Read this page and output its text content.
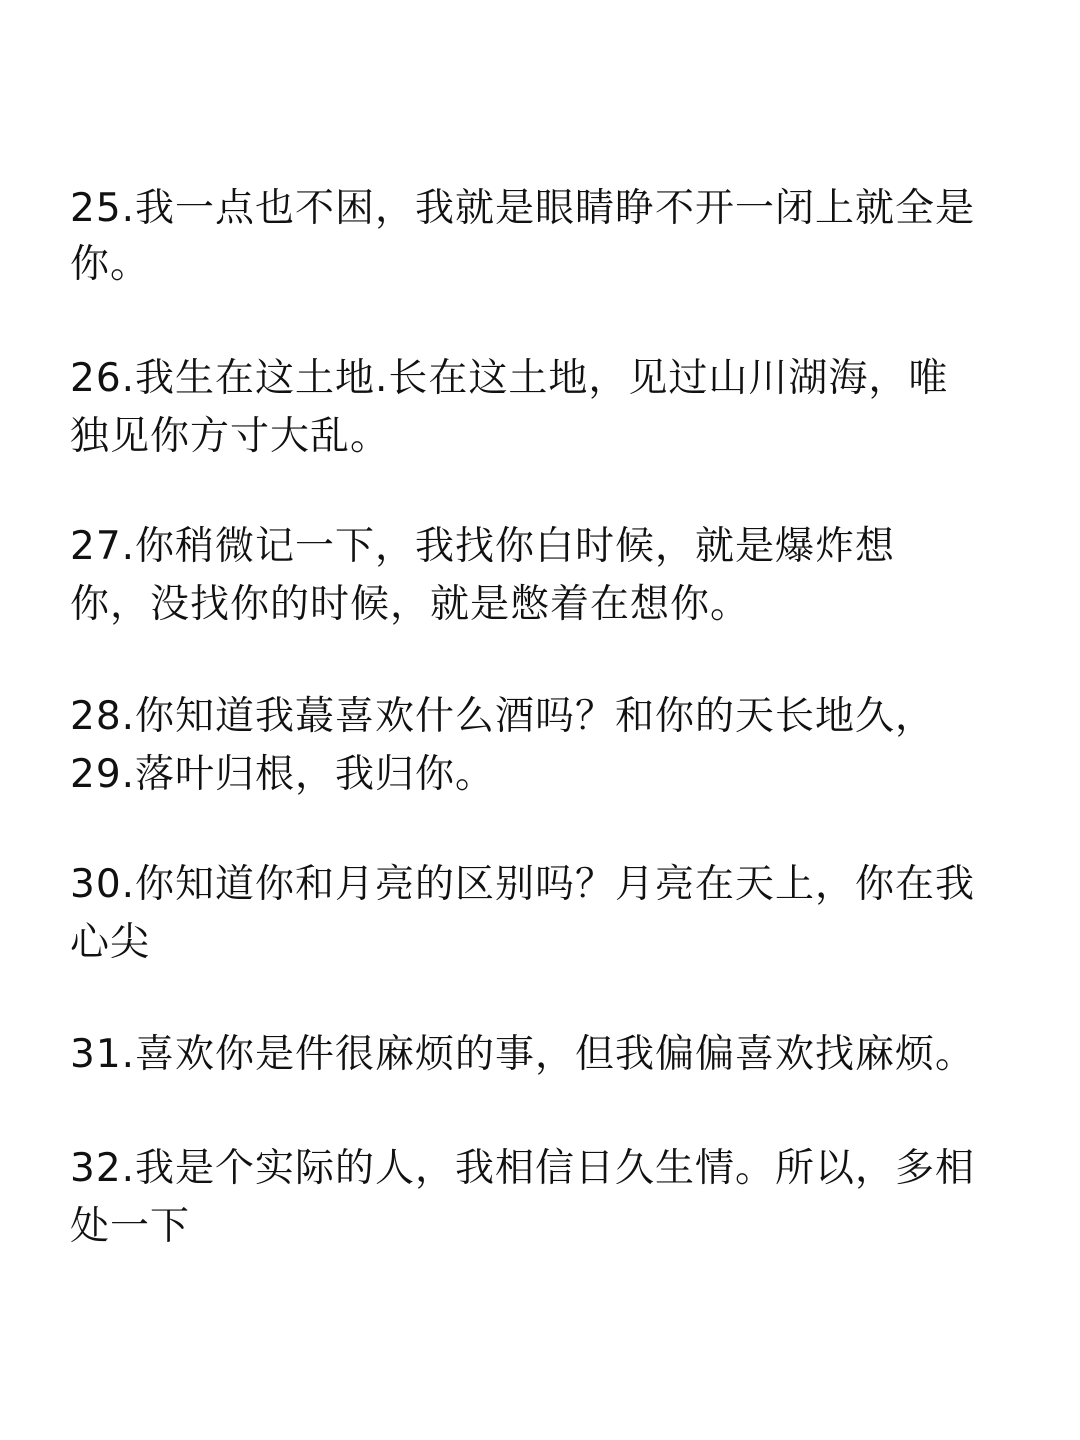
25.我一点也不困，我就是眼睛睁不开一闭上就全是
你。
26.我生在这土地.长在这土地，见过山川湖海，唯
独见你方寸大乱。
27.你稍微记一下，我找你白时候，就是爆炸想
你，没找你的时候，就是憋着在想你。
28.你知道我蕞喜欢什么酒吗？和你的天长地久，
29.落叶归根，我归你。
30.你知道你和月亮的区别吗？月亮在天上，你在我
心尖
31.喜欢你是件很麻烦的事，但我偏偏喜欢找麻烦。
32.我是个实际的人，我相信日久生情。所以，多相
处一下
